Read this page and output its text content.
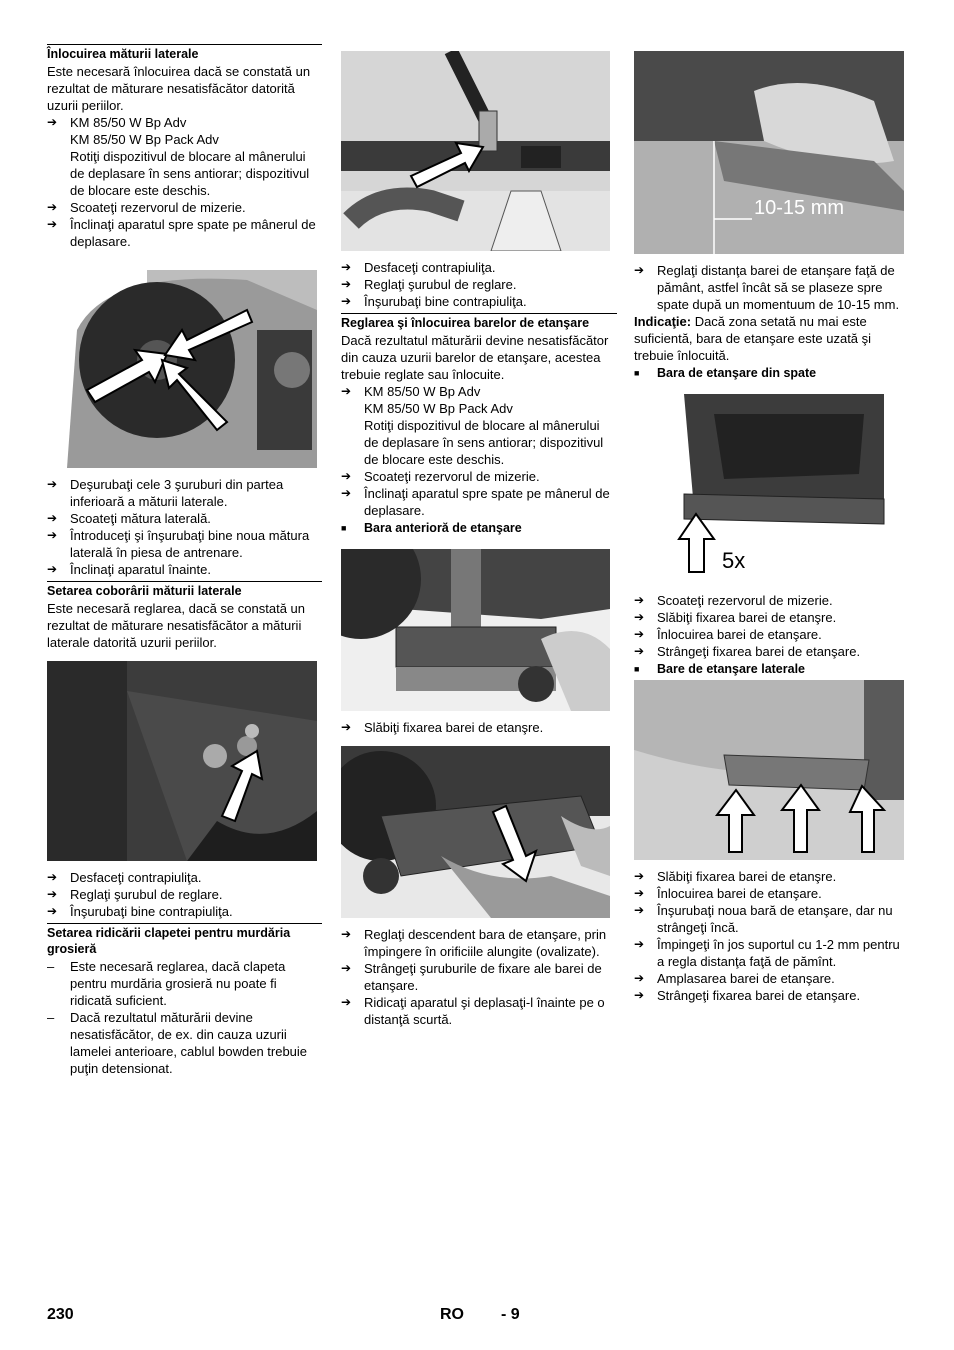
Înlocuirea măturii laterale

Este necesară înlocuirea dacă se constată un rezultat de măturare nesatisfăcător datorită uzurii periilor.

➔ KM 85/50 W Bp Adv
KM 85/50 W Bp Pack Adv
Rotiţi dispozitivul de blocare al mânerului de deplasare în sens antiorar; dispozitivul de blocare este deschis.
➔ Scoateţi rezervorul de mizerie.
➔ Înclinaţi aparatul spre spate pe mânerul de deplasare.
➔ Deşurubaţi cele 3 şuruburi din partea inferioară a măturii laterale.
➔ Scoateţi mătura laterală.
➔ Întroduceţi şi înşurubaţi bine noua mătura laterală în piesa de antrenare.
➔ Înclinaţi aparatul înainte.
Setarea coborârii măturii laterale

Este necesară reglarea, dacă se constată un rezultat de măturare nesatisfăcător a măturii laterale datorită uzurii periilor.

➔ Desfaceţi contrapiuliţa.
➔ Reglaţi şurubul de reglare.
➔ Înşurubaţi bine contrapiuliţa.
Setarea ridicării clapetei pentru murdăria grosieră
–	Este necesară reglarea, dacă clapeta pentru murdăria grosieră nu poate fi ridicată suficient.
–	Dacă rezultatul măturării devine nesatisfăcător, de ex. din cauza uzurii lamelei anterioare, cablul bowden trebuie puţin detensionat.
➔ Desfaceţi contrapiuliţa.
➔ Reglaţi şurubul de reglare.
➔ Înşurubaţi bine contrapiuliţa.
Reglarea şi înlocuirea barelor de etanşare

Dacă rezultatul măturării devine nesatisfăcător din cauza uzurii barelor de etanşare, acestea trebuie reglate sau înlocuite.

➔ KM 85/50 W Bp Adv
KM 85/50 W Bp Pack Adv
Rotiţi dispozitivul de blocare al mânerului de deplasare în sens antiorar; dispozitivul de blocare este deschis.
➔ Scoateţi rezervorul de mizerie.
➔ Înclinaţi aparatul spre spate pe mânerul de deplasare.
■	Bara anterioră de etanşare
➔ Slăbiţi fixarea barei de etanşre.
➔ Reglaţi descendent bara de etanşare, prin împingere în orificiile alungite (ovalizate).
➔ Strângeţi şuruburile de fixare ale barei de etanşare.
➔ Ridicaţi aparatul şi deplasaţi-l înainte pe o distanţă scurtă.
10-15 mm
➔ Reglaţi distanţa barei de etanşare faţă de pământ, astfel încât să se plaseze spre spate după un momentuum de 10-15 mm.

Indicaţie: Dacă zona setată nu mai este suficientă, bara de etanşare este uzată şi trebuie înlocuită.

■	Bara de etanşare din spate
5x
➔ Scoateţi rezervorul de mizerie.
➔ Slăbiţi fixarea barei de etanşre.
➔ Înlocuirea barei de etanşare.
➔ Strângeţi fixarea barei de etanşare.
■	Bare de etanşare laterale
➔ Slăbiţi fixarea barei de etanşre.
➔ Înlocuirea barei de etanşare.
➔ Înşurubaţi noua bară de etanşare, dar nu strângeţi încă.
➔ Împingeţi în jos suportul cu 1-2 mm pentru a regla distanţa faţă de pămînt.
➔ Amplasarea barei de etanşare.
➔ Strângeţi fixarea barei de etanşare.
230	RO - 9
